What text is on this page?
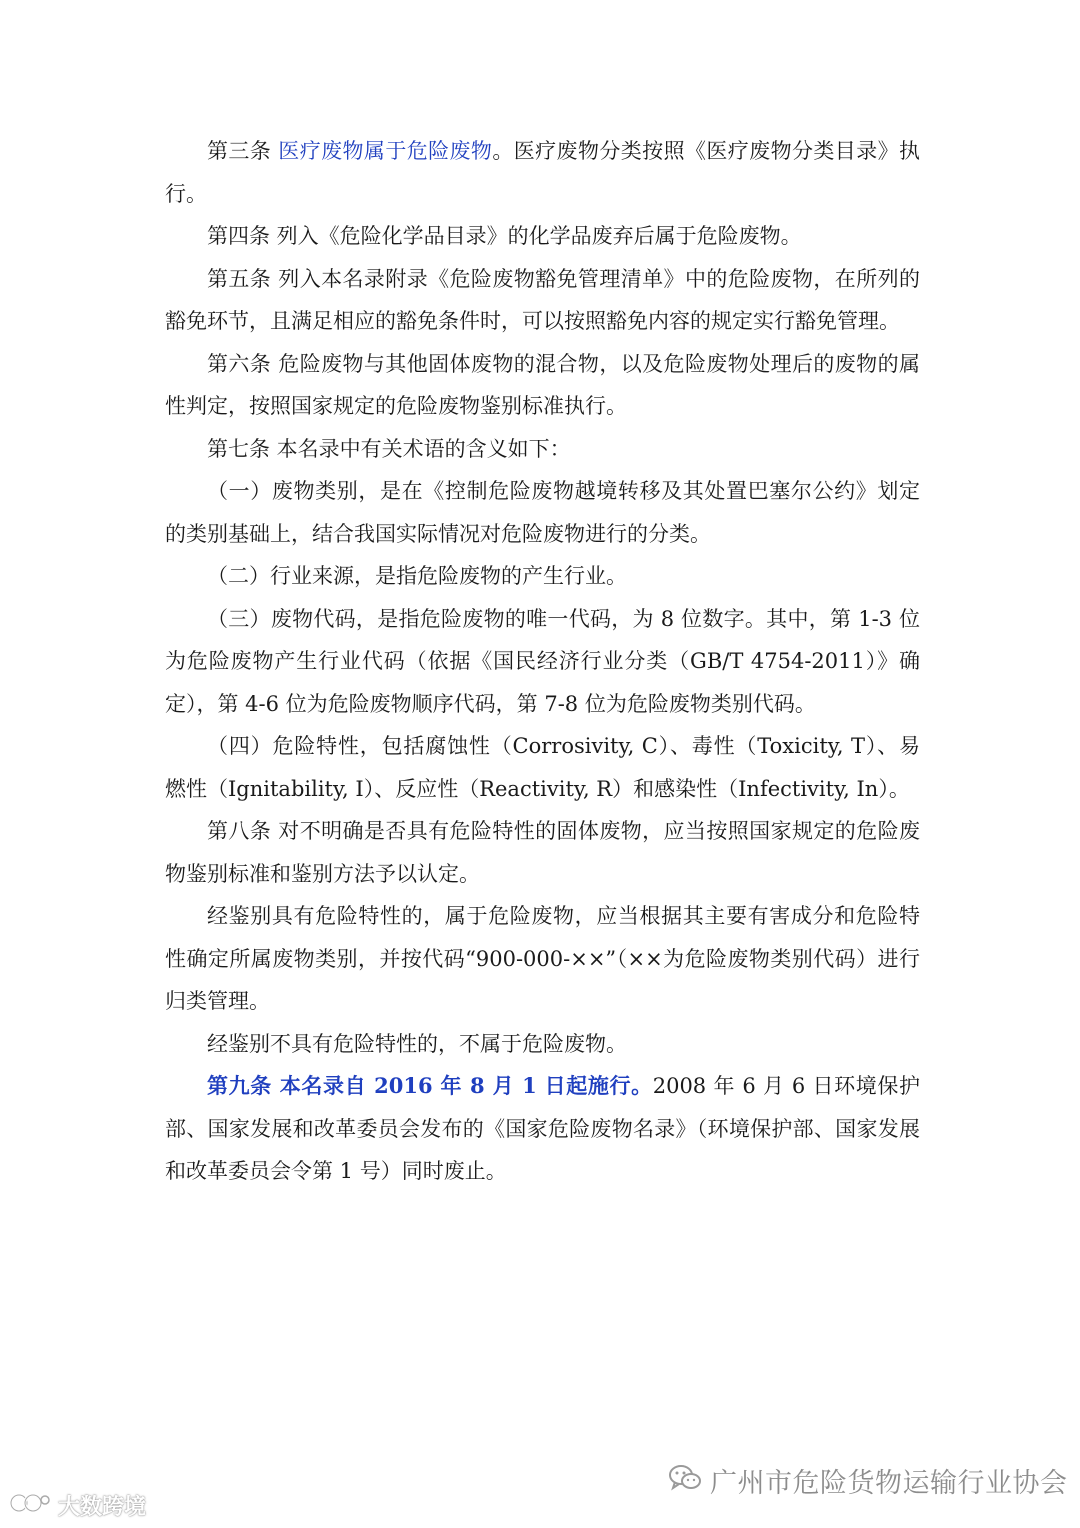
第三条 医疗废物属于危险废物。医疗废物分类按照《医疗废物分类目录》执行。

第四条 列入《危险化学品目录》的化学品废弃后属于危险废物。

第五条 列入本名录附录《危险废物豁免管理清单》中的危险废物，在所列的豁免环节，且满足相应的豁免条件时，可以按照豁免内容的规定实行豁免管理。

第六条 危险废物与其他固体废物的混合物，以及危险废物处理后的废物的属性判定，按照国家规定的危险废物鉴别标准执行。

第七条 本名录中有关术语的含义如下：

（一）废物类别，是在《控制危险废物越境转移及其处置巴塞尔公约》划定的类别基础上，结合我国实际情况对危险废物进行的分类。

（二）行业来源，是指危险废物的产生行业。

（三）废物代码，是指危险废物的唯一代码，为 8 位数字。其中，第 1-3 位为危险废物产生行业代码（依据《国民经济行业分类（GB/T 4754-2011）》确定），第 4-6 位为危险废物顺序代码，第 7-8 位为危险废物类别代码。

（四）危险特性，包括腐蚀性（Corrosivity, C）、毒性（Toxicity, T）、易燃性（Ignitability, I）、反应性（Reactivity, R）和感染性（Infectivity, In）。

第八条 对不明确是否具有危险特性的固体废物，应当按照国家规定的危险废物鉴别标准和鉴别方法予以认定。

经鉴别具有危险特性的，属于危险废物，应当根据其主要有害成分和危险特性确定所属废物类别，并按代码“900-000-××”（××为危险废物类别代码）进行归类管理。

经鉴别不具有危险特性的，不属于危险废物。

第九条 本名录自 2016 年 8 月 1 日起施行。2008 年 6 月 6 日环境保护部、国家发展和改革委员会发布的《国家危险废物名录》（环境保护部、国家发展和改革委员会令第 1 号）同时废止。

广州市危险货物运输行业协会
大数跨境
